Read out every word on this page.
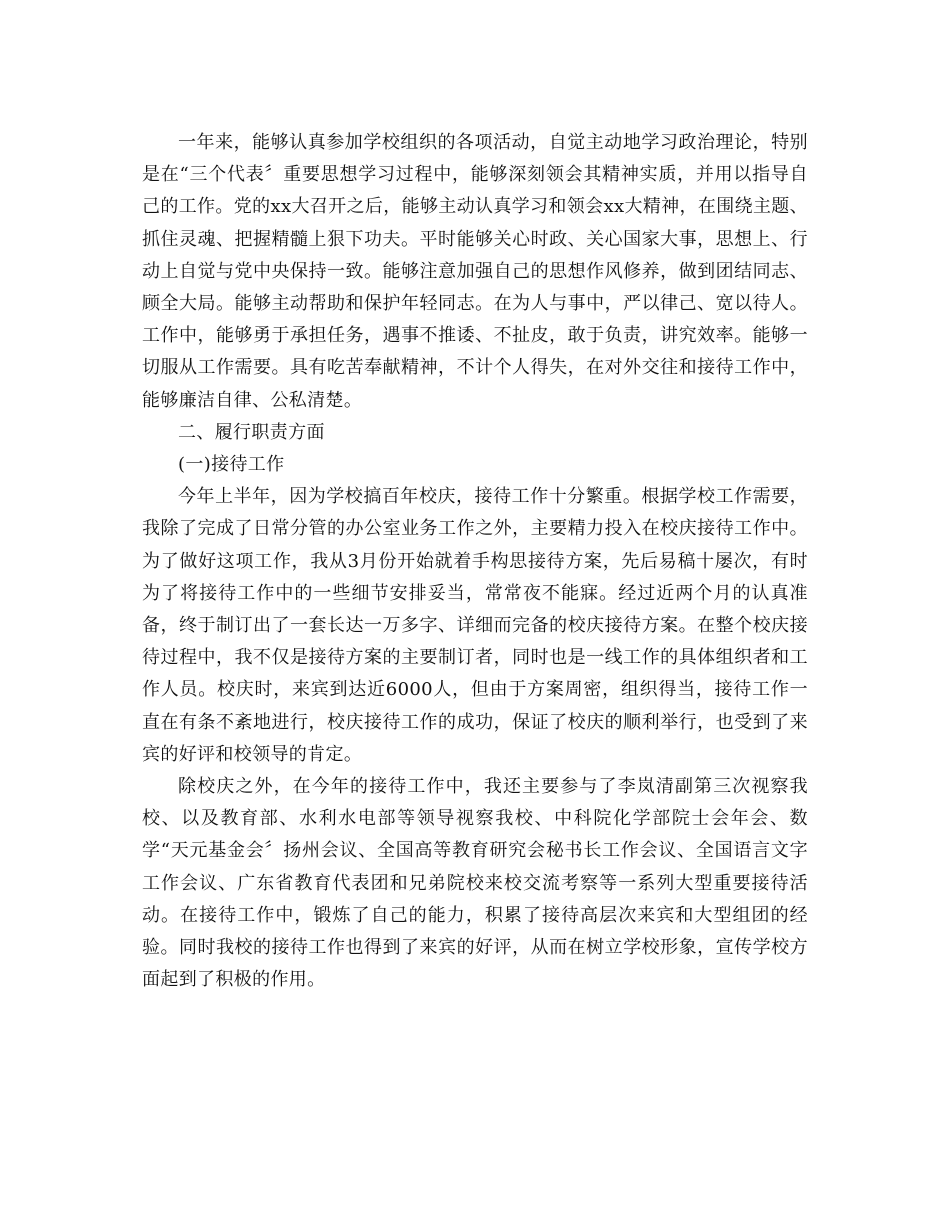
一年来，能够认真参加学校组织的各项活动，自觉主动地学习政治理论，特别是在“三个代表〞重要思想学习过程中，能够深刻领会其精神实质，并用以指导自己的工作。党的xx大召开之后，能够主动认真学习和领会xx大精神，在围绕主题、抓住灵魂、把握精髓上狠下功夫。平时能够关心时政、关心国家大事，思想上、行动上自觉与党中央保持一致。能够注意加强自己的思想作风修养，做到团结同志、顾全大局。能够主动帮助和保护年轻同志。在为人与事中，严以律己、宽以待人。工作中，能够勇于承担任务，遇事不推诿、不扯皮，敢于负责，讲究效率。能够一切服从工作需要。具有吃苦奉献精神，不计个人得失，在对外交往和接待工作中，能够廉洁自律、公私清楚。

二、履行职责方面

(一)接待工作

今年上半年，因为学校搞百年校庆，接待工作十分繁重。根据学校工作需要，我除了完成了日常分管的办公室业务工作之外，主要精力投入在校庆接待工作中。为了做好这项工作，我从3月份开始就着手构思接待方案，先后易稿十屡次，有时为了将接待工作中的一些细节安排妥当，常常夜不能寐。经过近两个月的认真准备，终于制订出了一套长达一万多字、详细而完备的校庆接待方案。在整个校庆接待过程中，我不仅是接待方案的主要制订者，同时也是一线工作的具体组织者和工作人员。校庆时，来宾到达近6000人，但由于方案周密，组织得当，接待工作一直在有条不紊地进行，校庆接待工作的成功，保证了校庆的顺利举行，也受到了来宾的好评和校领导的肯定。

除校庆之外，在今年的接待工作中，我还主要参与了李岚清副第三次视察我校、以及教育部、水利水电部等领导视察我校、中科院化学部院士会年会、数学“天元基金会〞扬州会议、全国高等教育研究会秘书长工作会议、全国语言文字工作会议、广东省教育代表团和兄弟院校来校交流考察等一系列大型重要接待活动。在接待工作中，锻炼了自己的能力，积累了接待高层次来宾和大型组团的经验。同时我校的接待工作也得到了来宾的好评，从而在树立学校形象，宣传学校方面起到了积极的作用。
